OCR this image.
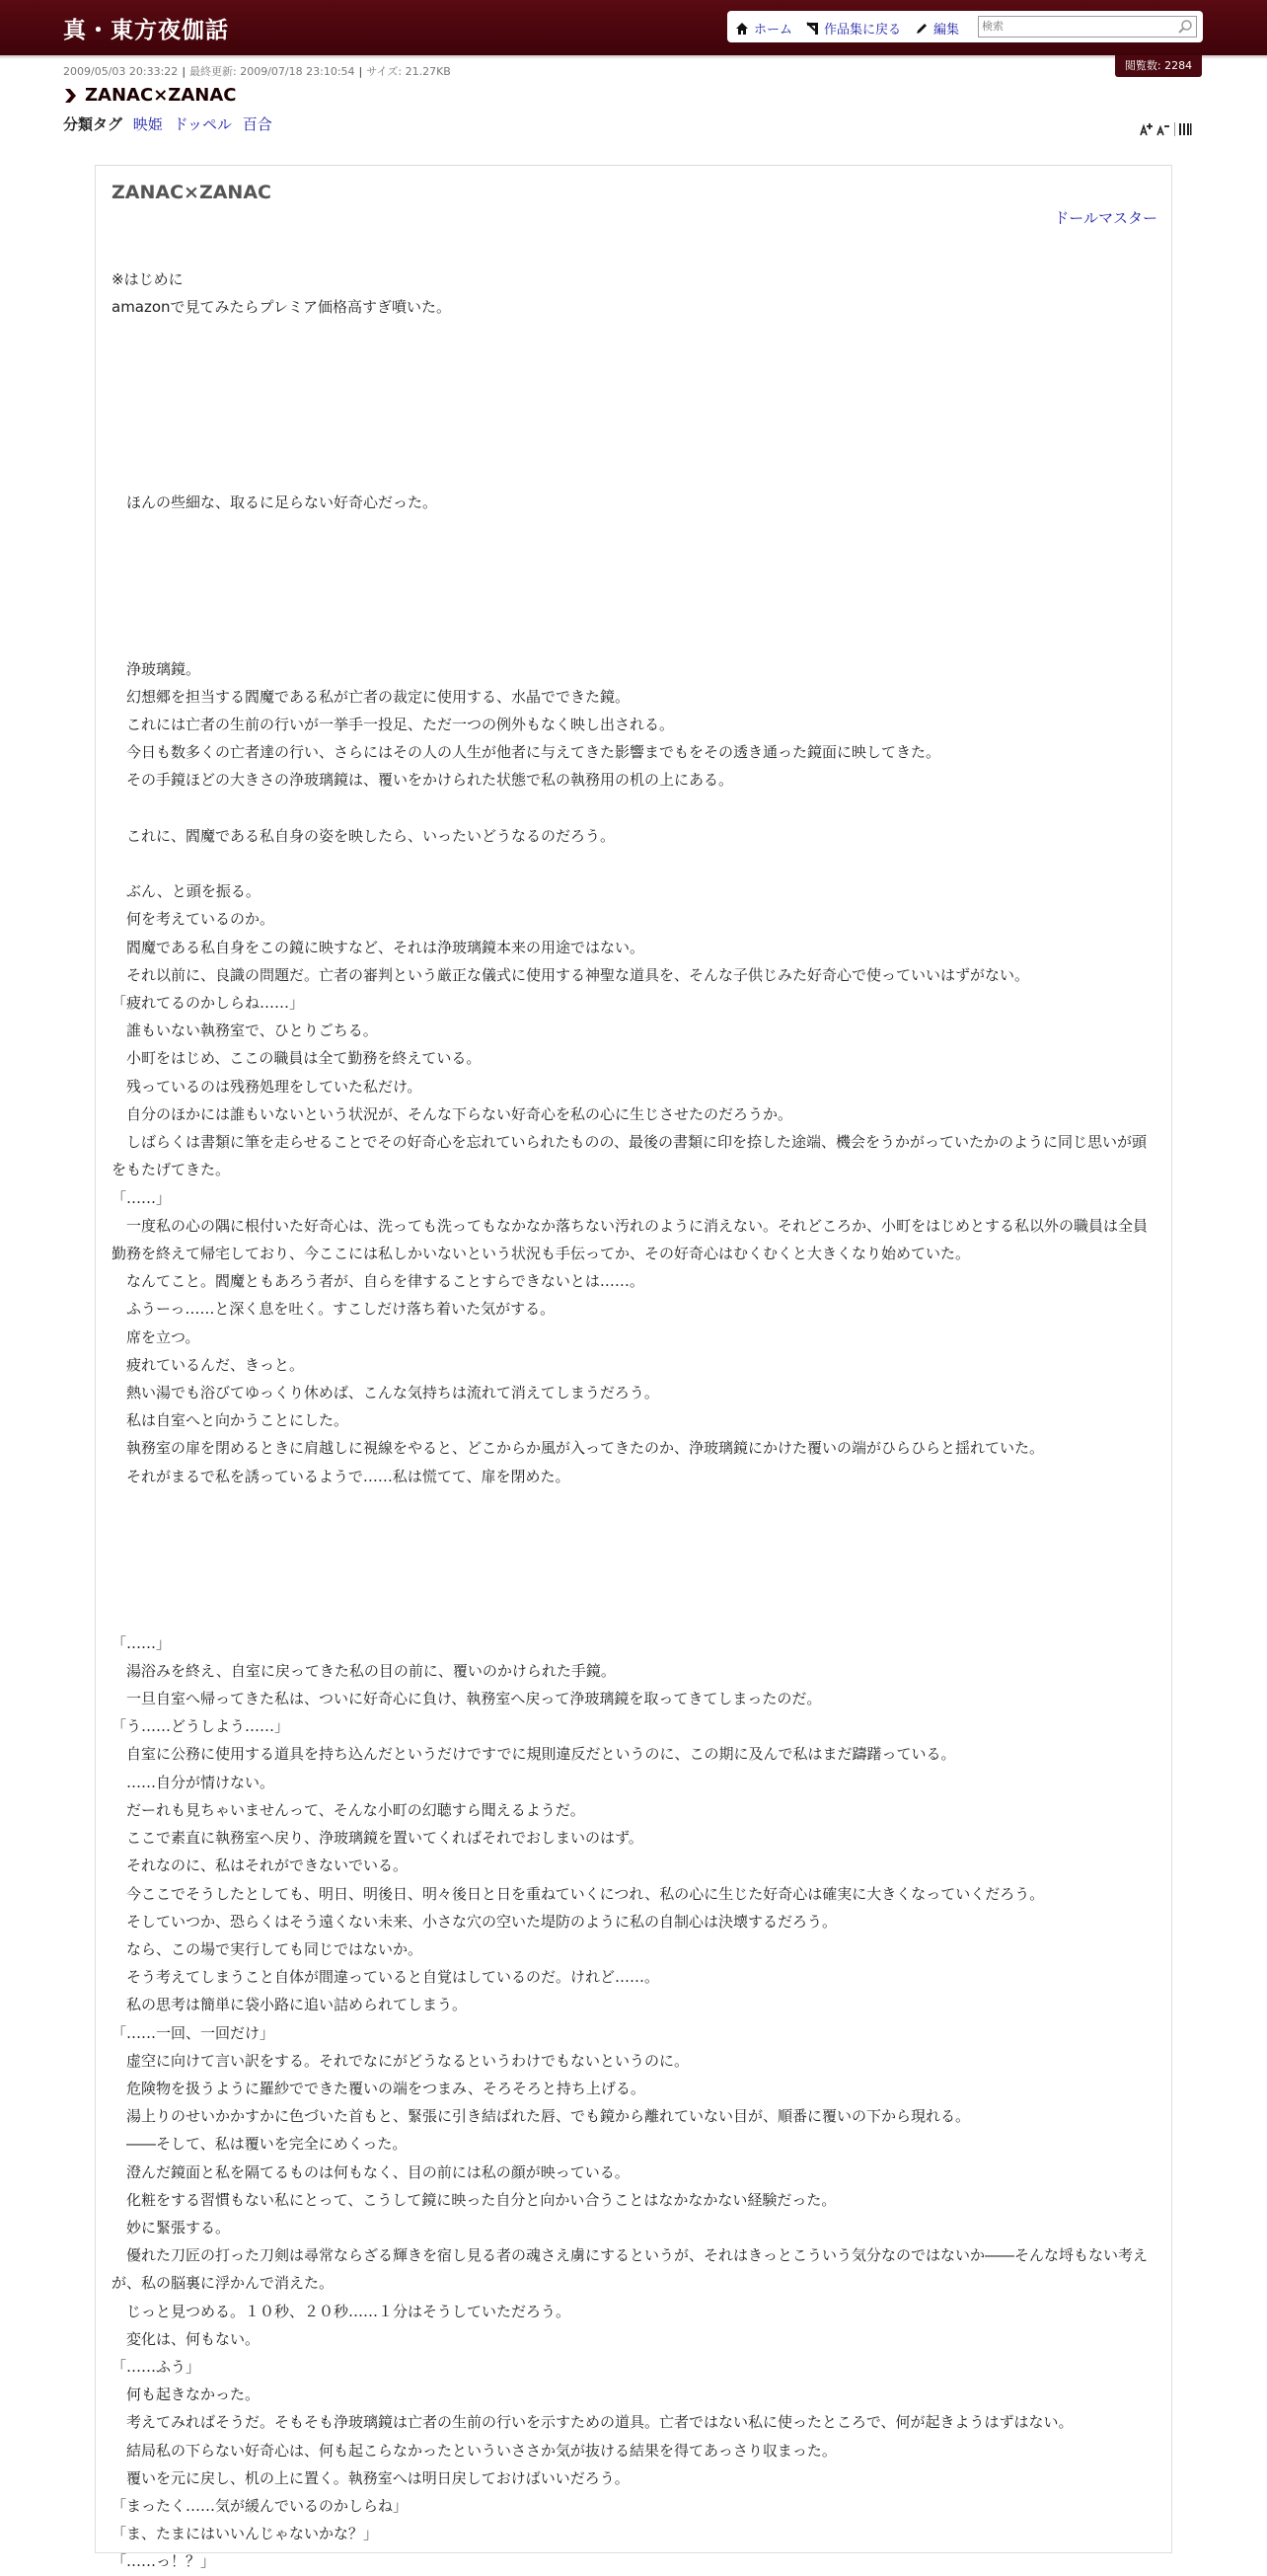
真・東方夜伽話	ホーム 作品集に戻る	編集
検索
閲覧数: 2284
2009/05/03 20:33:22 | 最終更新: 2009/07/18 23:10:54 | サイズ: 21.27KB
ZANAC×ZANAC
分類タグ 映姫 ドッペル 百合
ZANAC×ZANAC
ドールマスター

※はじめに

amazonで見てみたらプレミア価格高すぎ噴いた。

　ほんの些細な、取るに足らない好奇心だった。

　浄玻璃鏡。

　幻想郷を担当する閻魔である私が亡者の裁定に使用する、水晶でできた鏡。

　これには亡者の生前の行いが一挙手一投足、ただ一つの例外もなく映し出される。

　今日も数多くの亡者達の行い、さらにはその人の人生が他者に与えてきた影響までもをその透き通った鏡面に映してきた。

　その手鏡ほどの大きさの浄玻璃鏡は、覆いをかけられた状態で私の執務用の机の上にある。

　これに、閻魔である私自身の姿を映したら、いったいどうなるのだろう。

　ぶん、と頭を振る。

　何を考えているのか。

　閻魔である私自身をこの鏡に映すなど、それは浄玻璃鏡本来の用途ではない。

　それ以前に、良識の問題だ。亡者の審判という厳正な儀式に使用する神聖な道具を、そんな子供じみた好奇心で使っていいはずがない。

「疲れてるのかしらね……」

　誰もいない執務室で、ひとりごちる。

　小町をはじめ、ここの職員は全て勤務を終えている。

　残っているのは残務処理をしていた私だけ。

　自分のほかには誰もいないという状況が、そんな下らない好奇心を私の心に生じさせたのだろうか。

　しばらくは書類に筆を走らせることでその好奇心を忘れていられたものの、最後の書類に印を捺した途端、機会をうかがっていたかのように同じ思いが頭をもたげてきた。

「……」

　一度私の心の隅に根付いた好奇心は、洗っても洗ってもなかなか落ちない汚れのように消えない。それどころか、小町をはじめとする私以外の職員は全員勤務を終えて帰宅しており、今ここには私しかいないという状況も手伝ってか、その好奇心はむくむくと大きくなり始めていた。

　なんてこと。閻魔ともあろう者が、自らを律することすらできないとは……。

　ふうーっ……と深く息を吐く。すこしだけ落ち着いた気がする。

　席を立つ。

　疲れているんだ、きっと。

　熱い湯でも浴びてゆっくり休めば、こんな気持ちは流れて消えてしまうだろう。

　私は自室へと向かうことにした。

　執務室の扉を閉めるときに肩越しに視線をやると、どこからか風が入ってきたのか、浄玻璃鏡にかけた覆いの端がひらひらと揺れていた。

　それがまるで私を誘っているようで……私は慌てて、扉を閉めた。

「……」

　湯浴みを終え、自室に戻ってきた私の目の前に、覆いのかけられた手鏡。

　一旦自室へ帰ってきた私は、ついに好奇心に負け、執務室へ戻って浄玻璃鏡を取ってきてしまったのだ。

「う……どうしよう……」

　自室に公務に使用する道具を持ち込んだというだけですでに規則違反だというのに、この期に及んで私はまだ躊躇っている。

　……自分が情けない。

　だーれも見ちゃいませんって、そんな小町の幻聴すら聞えるようだ。

　ここで素直に執務室へ戻り、浄玻璃鏡を置いてくればそれでおしまいのはず。

　それなのに、私はそれができないでいる。

　今ここでそうしたとしても、明日、明後日、明々後日と日を重ねていくにつれ、私の心に生じた好奇心は確実に大きくなっていくだろう。

　そしていつか、恐らくはそう遠くない未来、小さな穴の空いた堤防のように私の自制心は決壊するだろう。

　なら、この場で実行しても同じではないか。

　そう考えてしまうこと自体が間違っていると自覚はしているのだ。けれど……。

　私の思考は簡単に袋小路に追い詰められてしまう。

「……一回、一回だけ」

　虚空に向けて言い訳をする。それでなにがどうなるというわけでもないというのに。

　危険物を扱うように羅紗でできた覆いの端をつまみ、そろそろと持ち上げる。

　湯上りのせいかかすかに色づいた首もと、緊張に引き結ばれた唇、でも鏡から離れていない目が、順番に覆いの下から現れる。

　――そして、私は覆いを完全にめくった。

　澄んだ鏡面と私を隔てるものは何もなく、目の前には私の顔が映っている。

　化粧をする習慣もない私にとって、こうして鏡に映った自分と向かい合うことはなかなかない経験だった。

　妙に緊張する。

　優れた刀匠の打った刀剣は尋常ならざる輝きを宿し見る者の魂さえ虜にするというが、それはきっとこういう気分なのではないか――そんな埒もない考えが、私の脳裏に浮かんで消えた。

　じっと見つめる。１０秒、２０秒……１分はそうしていただろう。

　変化は、何もない。

「……ふう」

　何も起きなかった。

　考えてみればそうだ。そもそも浄玻璃鏡は亡者の生前の行いを示すための道具。亡者ではない私に使ったところで、何が起きようはずはない。

　結局私の下らない好奇心は、何も起こらなかったといういささか気が抜ける結果を得てあっさり収まった。

　覆いを元に戻し、机の上に置く。執務室へは明日戻しておけばいいだろう。

「まったく……気が緩んでいるのかしらね」

「ま、たまにはいいんじゃないかな？」

「……っ！？」
